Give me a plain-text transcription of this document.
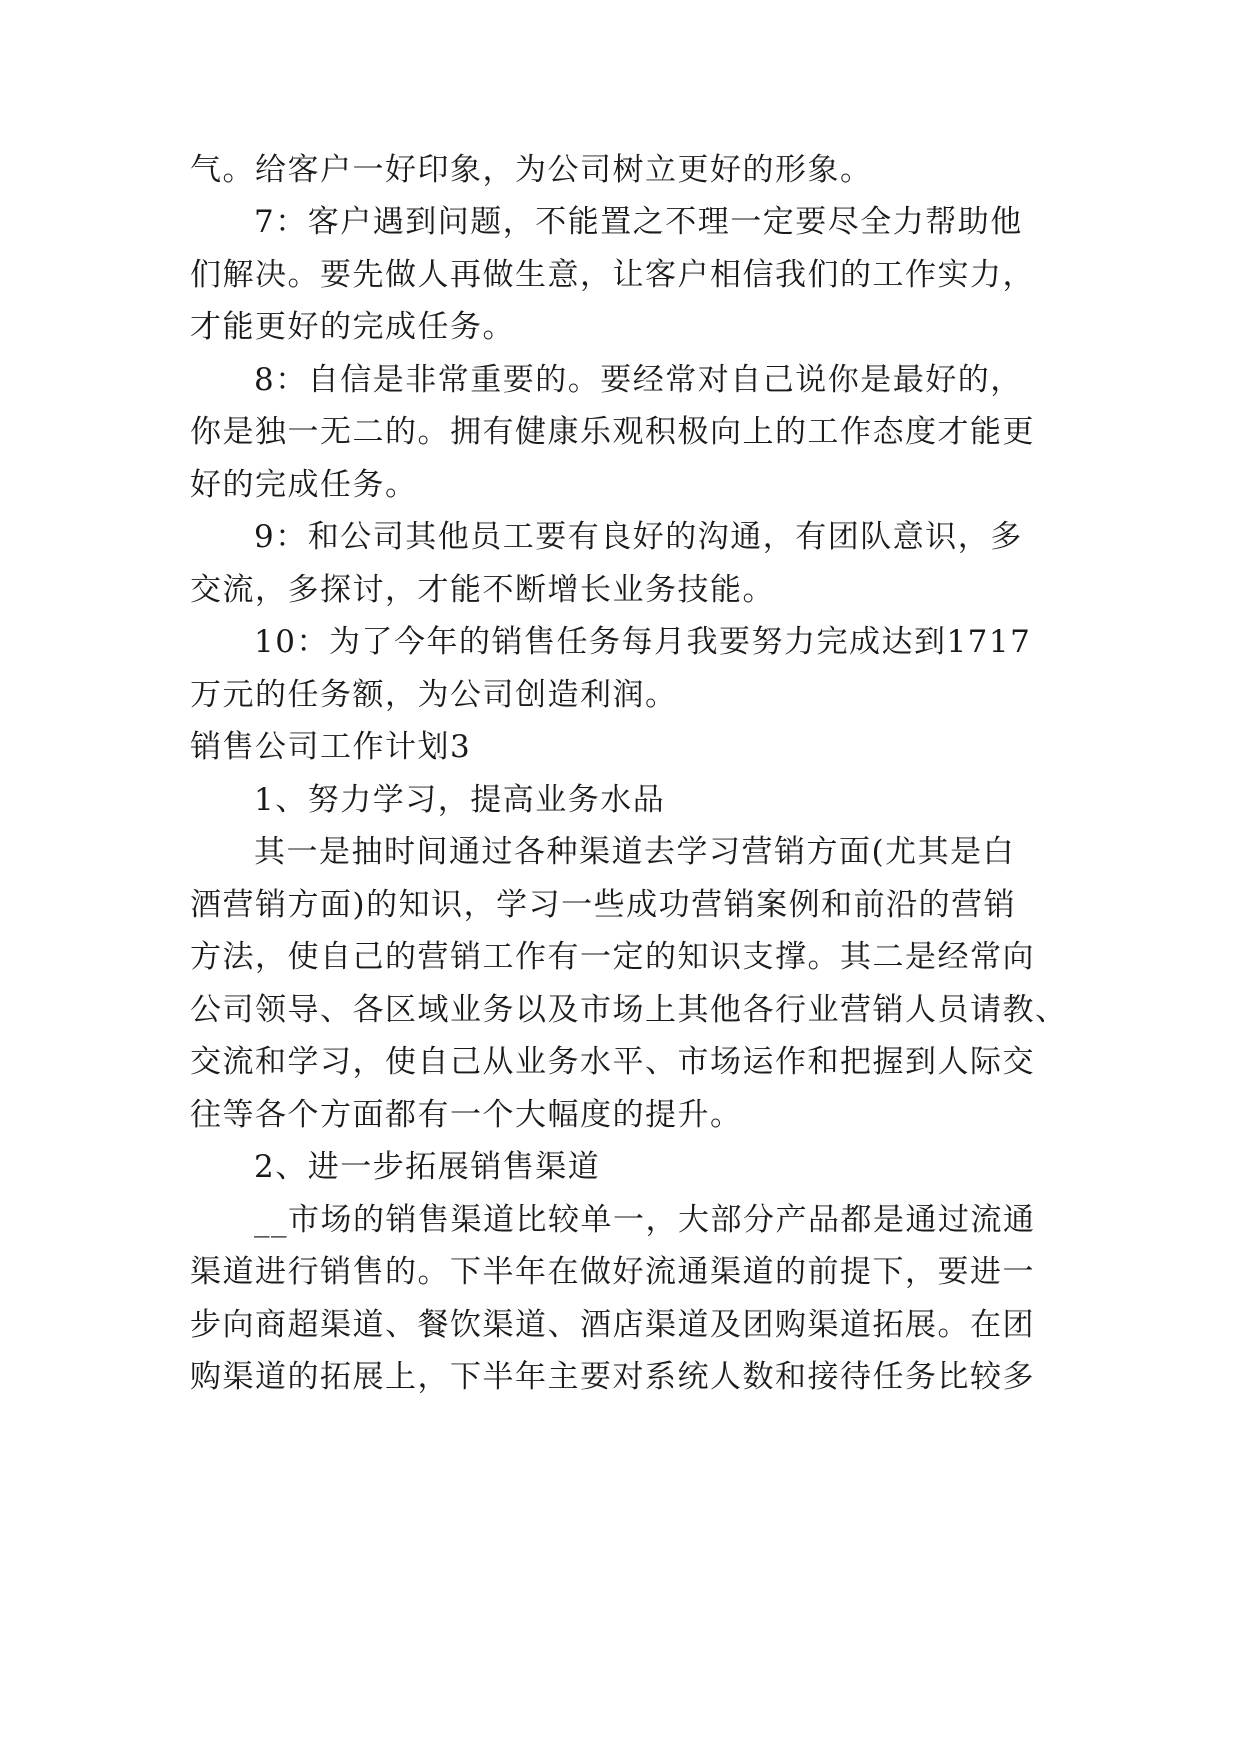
气。给客户一好印象，为公司树立更好的形象。
7：客户遇到问题，不能置之不理一定要尽全力帮助他
们解决。要先做人再做生意，让客户相信我们的工作实力，
才能更好的完成任务。
8：自信是非常重要的。要经常对自己说你是最好的，
你是独一无二的。拥有健康乐观积极向上的工作态度才能更
好的完成任务。
9：和公司其他员工要有良好的沟通，有团队意识，多
交流，多探讨，才能不断增长业务技能。
10：为了今年的销售任务每月我要努力完成达到1717
万元的任务额，为公司创造利润。
销售公司工作计划3
1、努力学习，提高业务水品
其一是抽时间通过各种渠道去学习营销方面(尤其是白
酒营销方面)的知识，学习一些成功营销案例和前沿的营销
方法，使自己的营销工作有一定的知识支撑。其二是经常向
公司领导、各区域业务以及市场上其他各行业营销人员请教、
交流和学习，使自己从业务水平、市场运作和把握到人际交
往等各个方面都有一个大幅度的提升。
2、进一步拓展销售渠道
__市场的销售渠道比较单一，大部分产品都是通过流通
渠道进行销售的。下半年在做好流通渠道的前提下，要进一
步向商超渠道、餐饮渠道、酒店渠道及团购渠道拓展。在团
购渠道的拓展上，下半年主要对系统人数和接待任务比较多
